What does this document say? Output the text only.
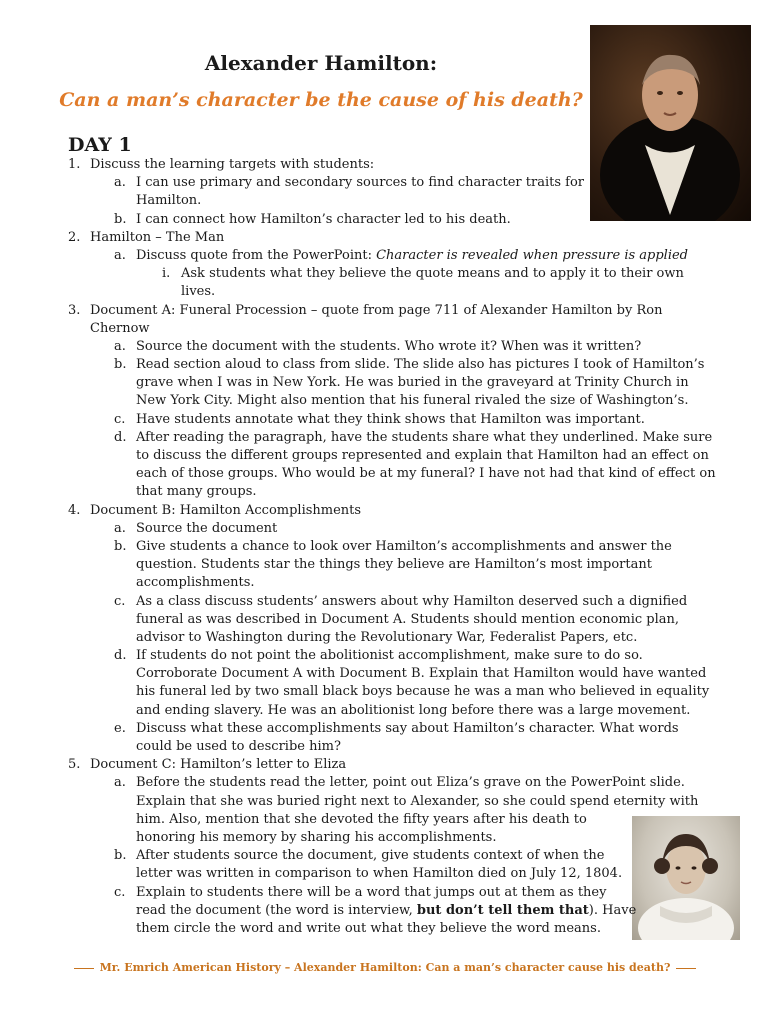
Alexander Hamilton:
Can a man’s character be the cause of his death?
DAY 1
1. Discuss the learning targets with students:
a. I can use primary and secondary sources to find character traits for
Hamilton.
b. I can connect how Hamilton’s character led to his death.
2. Hamilton – The Man
a. Discuss quote from the PowerPoint: Character is revealed when pressure is applied
i. Ask students what they believe the quote means and to apply it to their own
lives.
3. Document A: Funeral Procession – quote from page 711 of Alexander Hamilton by Ron
Chernow
a. Source the document with the students. Who wrote it? When was it written?
b. Read section aloud to class from slide. The slide also has pictures I took of Hamilton’s
grave when I was in New York. He was buried in the graveyard at Trinity Church in
New York City. Might also mention that his funeral rivaled the size of Washington’s.
c. Have students annotate what they think shows that Hamilton was important.
d. After reading the paragraph, have the students share what they underlined. Make sure
to discuss the different groups represented and explain that Hamilton had an effect on
each of those groups. Who would be at my funeral? I have not had that kind of effect on
that many groups.
4. Document B: Hamilton Accomplishments
a. Source the document
b. Give students a chance to look over Hamilton’s accomplishments and answer the
question. Students star the things they believe are Hamilton’s most important
accomplishments.
c. As a class discuss students’ answers about why Hamilton deserved such a dignified
funeral as was described in Document A. Students should mention economic plan,
advisor to Washington during the Revolutionary War, Federalist Papers, etc.
d. If students do not point the abolitionist accomplishment, make sure to do so.
Corroborate Document A with Document B. Explain that Hamilton would have wanted
his funeral led by two small black boys because he was a man who believed in equality
and ending slavery. He was an abolitionist long before there was a large movement.
e. Discuss what these accomplishments say about Hamilton’s character. What words
could be used to describe him?
5. Document C: Hamilton’s letter to Eliza
a. Before the students read the letter, point out Eliza’s grave on the PowerPoint slide.
Explain that she was buried right next to Alexander, so she could spend eternity with
him. Also, mention that she devoted the fifty years after his death to
honoring his memory by sharing his accomplishments.
b. After students source the document, give students context of when the
letter was written in comparison to when Hamilton died on July 12, 1804.
c. Explain to students there will be a word that jumps out at them as they
read the document (the word is interview, but don’t tell them that). Have
them circle the word and write out what they believe the word means.
Mr. Emrich American History – Alexander Hamilton: Can a man’s character cause his death?
